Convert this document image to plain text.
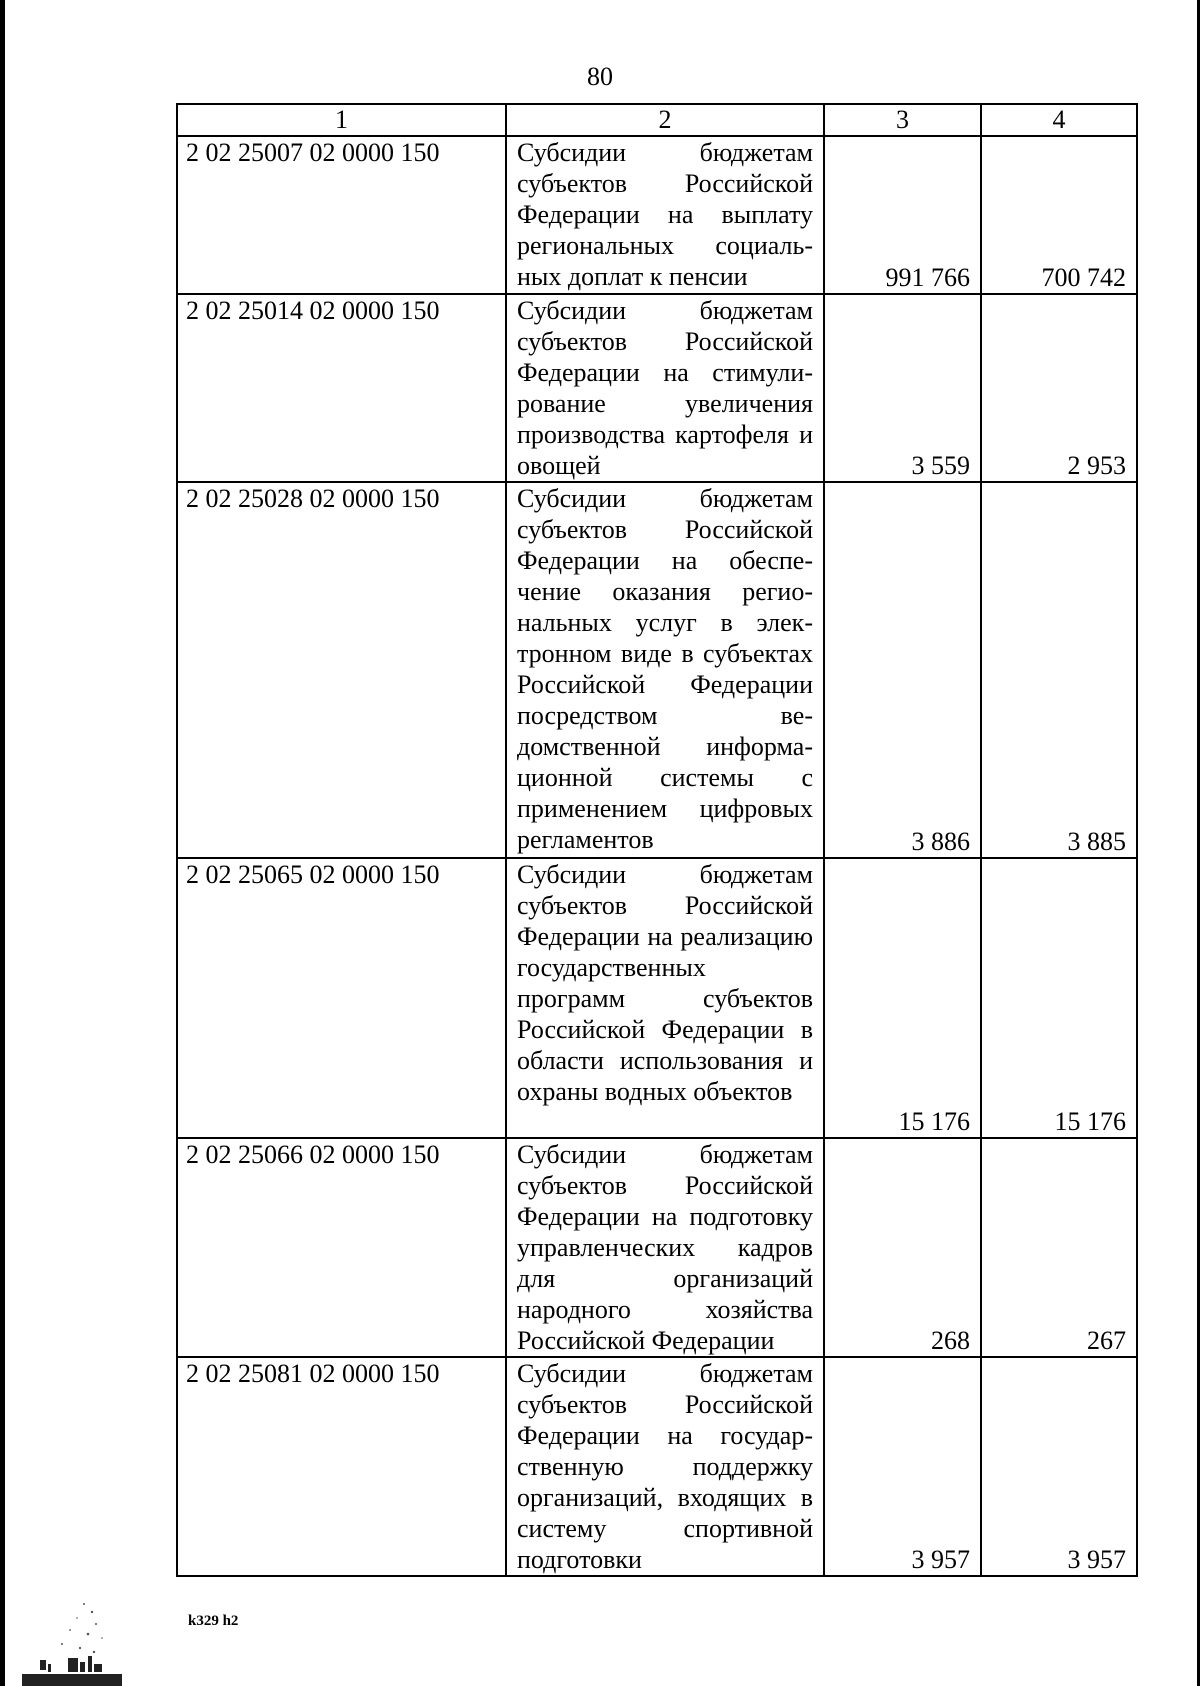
80
1	2	3	4
2 02 25007 02 0000 150	Субсидии бюджетам субъектов Российской Федерации на выплату региональных социальных доплат к пенсии	991 766	700 742
2 02 25014 02 0000 150	Субсидии бюджетам субъектов Российской Федерации на стимулирование увеличения производства картофеля и овощей	3 559	2 953
2 02 25028 02 0000 150	Субсидии бюджетам субъектов Российской Федерации на обеспечение оказания региональных услуг в электронном виде в субъектах Российской Федерации посредством ведомственной информационной системы с применением цифровых регламентов	3 886	3 885
2 02 25065 02 0000 150	Субсидии бюджетам субъектов Российской Федерации на реализацию государственных программ субъектов Российской Федерации в области использования и охраны водных объектов	15 176	15 176
2 02 25066 02 0000 150	Субсидии бюджетам субъектов Российской Федерации на подготовку управленческих кадров для организаций народного хозяйства Российской Федерации	268	267
2 02 25081 02 0000 150	Субсидии бюджетам субъектов Российской Федерации на государственную поддержку организаций, входящих в систему спортивной подготовки	3 957	3 957
k329 h2
